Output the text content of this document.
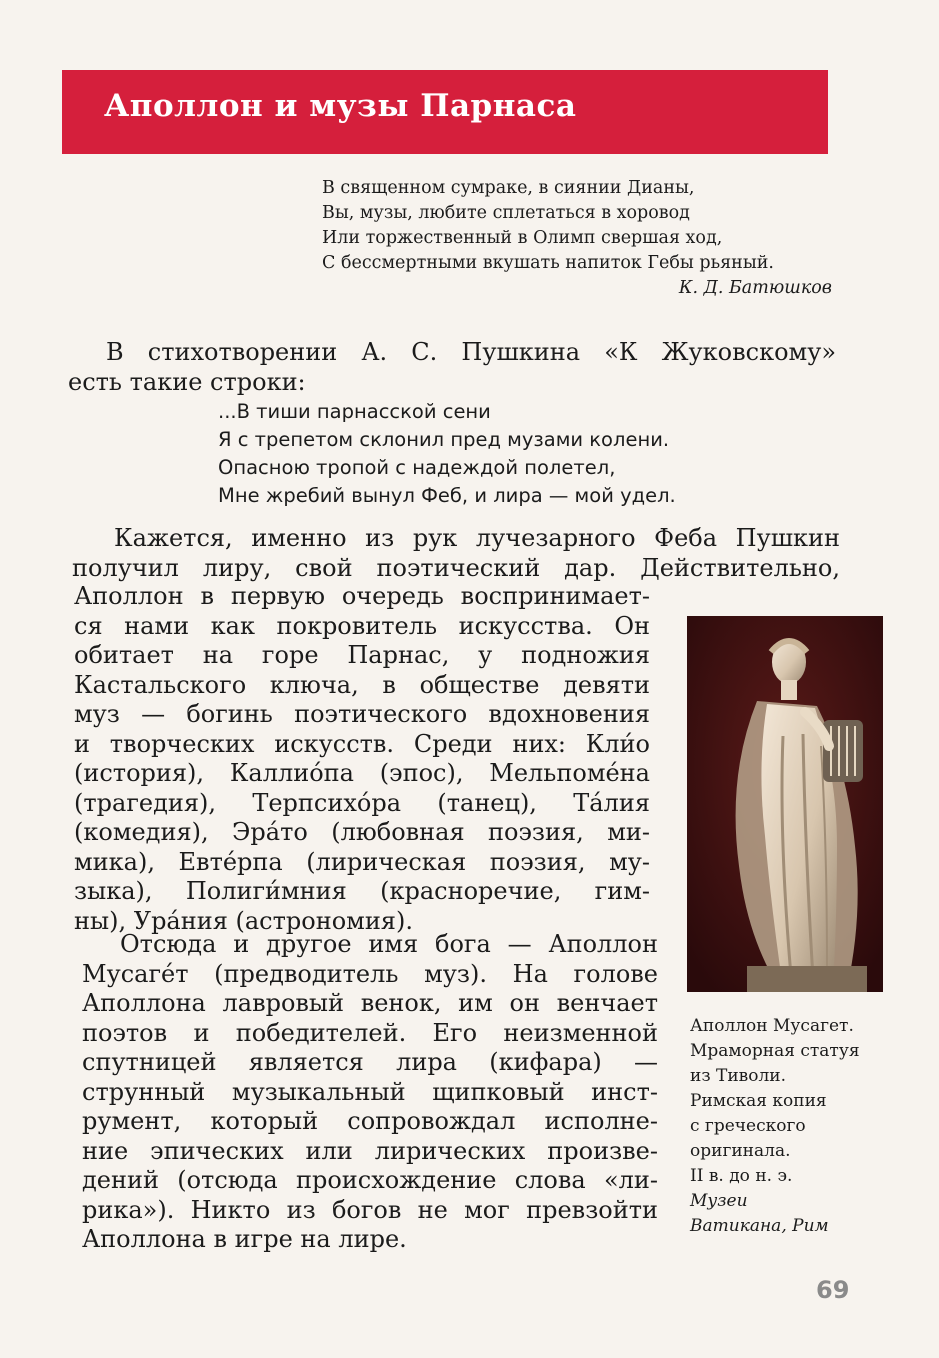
Аполлон и музы Парнаса
В священном сумраке, в сиянии Дианы,
Вы, музы, любите сплетаться в хоровод
Или торжественный в Олимп свершая ход,
С бессмертными вкушать напиток Гебы рьяный.
К. Д. Батюшков
В стихотворении А. С. Пушкина «К Жуковскому»
есть такие строки:
...В тиши парнасской сени
Я с трепетом склонил пред музами колени.
Опасною тропой с надеждой полетел,
Мне жребий вынул Феб, и лира — мой удел.
Кажется, именно из рук лучезарного Феба Пушкин
получил лиру, свой поэтический дар. Действительно,
Аполлон в первую очередь воспринимает-
ся нами как покровитель искусства. Он
обитает на горе Парнас, у подножия
Кастальского ключа, в обществе девяти
муз — богинь поэтического вдохновения
и творческих искусств. Среди них: Кли́о
(история), Каллио́па (эпос), Мельпоме́на
(трагедия), Терпсихо́ра (танец), Та́лия
(комедия), Эра́то (любовная поэзия, ми-
мика), Евте́рпа (лирическая поэзия, му-
зыка), Полиги́мния (красноречие, гим-
ны), Ура́ния (астрономия).
Отсюда и другое имя бога — Аполлон
Мусаге́т (предводитель муз). На голове
Аполлона лавровый венок, им он венчает
поэтов и победителей. Его неизменной
спутницей является лира (кифара) —
струнный музыкальный щипковый инст-
румент, который сопровождал исполне-
ние эпических или лирических произве-
дений (отсюда происхождение слова «ли-
рика»). Никто из богов не мог превзойти
Аполлона в игре на лире.
Аполлон Мусагет.
Мраморная статуя
из Тиволи.
Римская копия
с греческого
оригинала.
II в. до н. э.
Музеи
Ватикана, Рим
69
